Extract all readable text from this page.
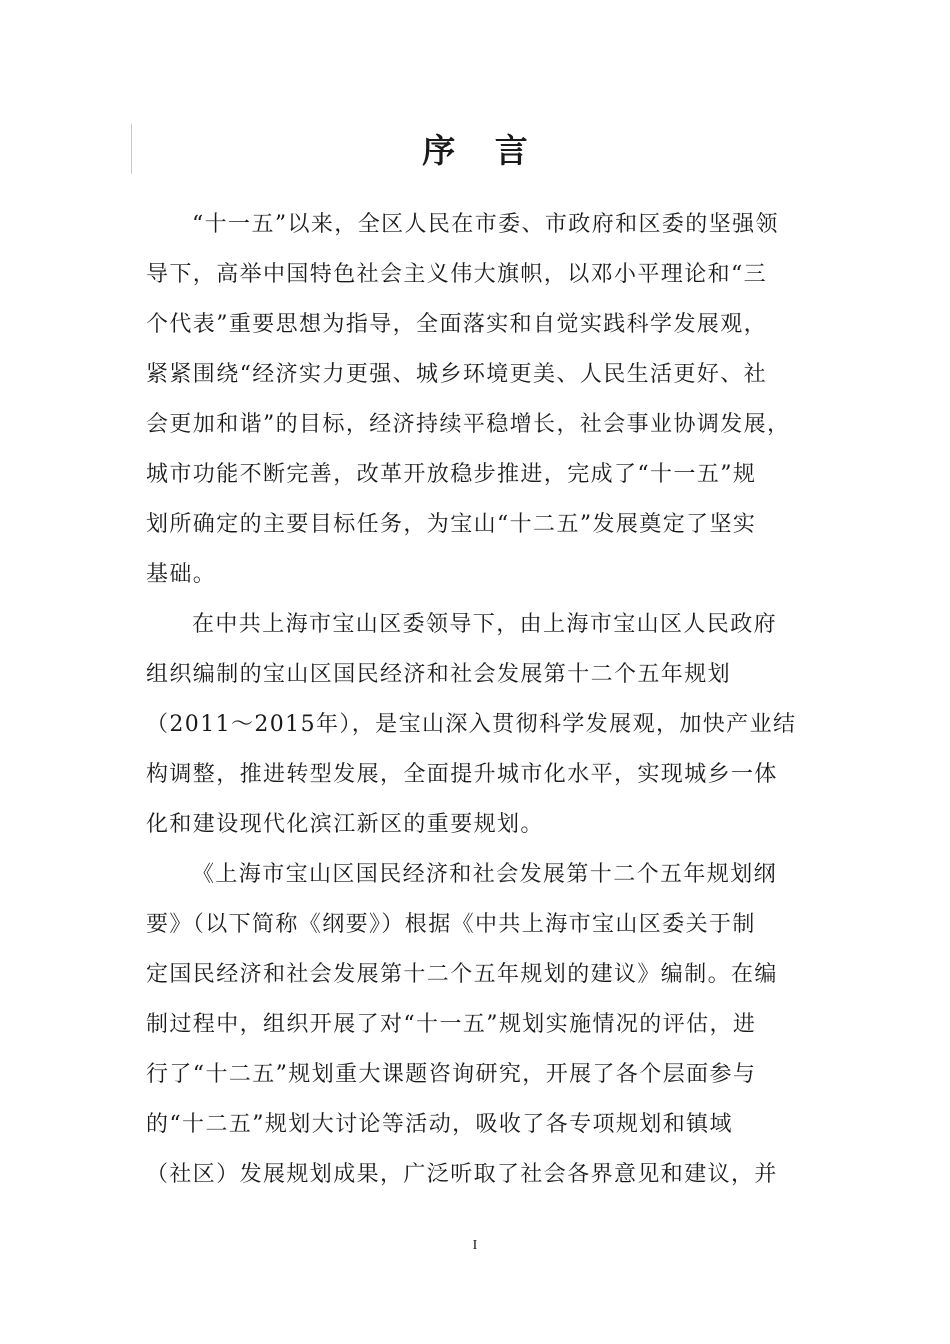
序 言
“十一五”以来，全区人民在市委、市政府和区委的坚强领
导下，高举中国特色社会主义伟大旗帜，以邓小平理论和“三
个代表”重要思想为指导，全面落实和自觉实践科学发展观，
紧紧围绕“经济实力更强、城乡环境更美、人民生活更好、社
会更加和谐”的目标，经济持续平稳增长，社会事业协调发展，
城市功能不断完善，改革开放稳步推进，完成了“十一五”规
划所确定的主要目标任务，为宝山“十二五”发展奠定了坚实
基础。
在中共上海市宝山区委领导下，由上海市宝山区人民政府
组织编制的宝山区国民经济和社会发展第十二个五年规划
（2011～2015年），是宝山深入贯彻科学发展观，加快产业结
构调整，推进转型发展，全面提升城市化水平，实现城乡一体
化和建设现代化滨江新区的重要规划。
《上海市宝山区国民经济和社会发展第十二个五年规划纲
要》（以下简称《纲要》）根据《中共上海市宝山区委关于制
定国民经济和社会发展第十二个五年规划的建议》编制。在编
制过程中，组织开展了对“十一五”规划实施情况的评估，进
行了“十二五”规划重大课题咨询研究，开展了各个层面参与
的“十二五”规划大讨论等活动，吸收了各专项规划和镇域
（社区）发展规划成果，广泛听取了社会各界意见和建议，并
I
